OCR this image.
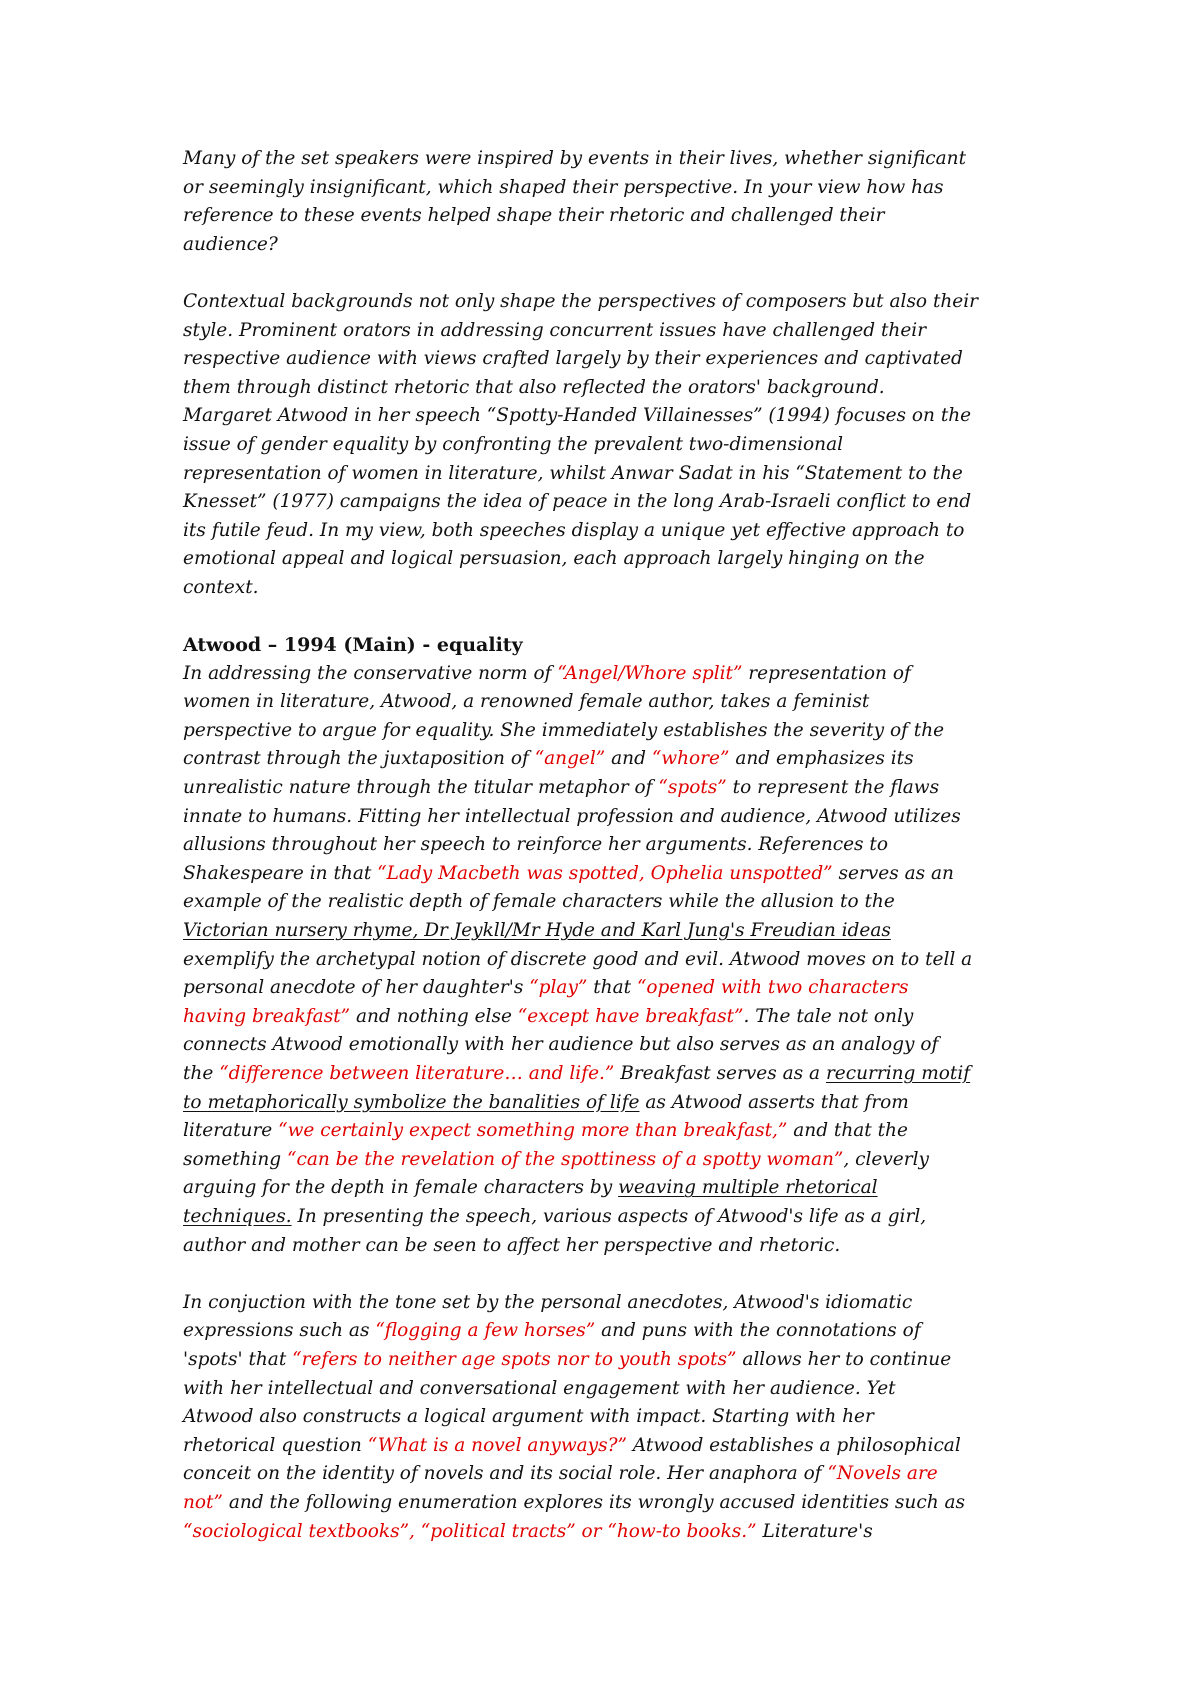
Many of the set speakers were inspired by events in their lives, whether significant
or seemingly insignificant, which shaped their perspective. In your view how has
reference to these events helped shape their rhetoric and challenged their
audience?
Contextual backgrounds not only shape the perspectives of composers but also their
style. Prominent orators in addressing concurrent issues have challenged their
respective audience with views crafted largely by their experiences and captivated
them through distinct rhetoric that also reflected the orators' background.
Margaret Atwood in her speech “Spotty-Handed Villainesses” (1994) focuses on the
issue of gender equality by confronting the prevalent two-dimensional
representation of women in literature, whilst Anwar Sadat in his “Statement to the
Knesset” (1977) campaigns the idea of peace in the long Arab-Israeli conflict to end
its futile feud. In my view, both speeches display a unique yet effective approach to
emotional appeal and logical persuasion, each approach largely hinging on the
context.
Atwood – 1994 (Main) - equality
In addressing the conservative norm of “Angel/Whore split” representation of
women in literature, Atwood, a renowned female author, takes a feminist
perspective to argue for equality. She immediately establishes the severity of the
contrast through the juxtaposition of “angel” and “whore” and emphasizes its
unrealistic nature through the titular metaphor of “spots” to represent the flaws
innate to humans. Fitting her intellectual profession and audience, Atwood utilizes
allusions throughout her speech to reinforce her arguments. References to
Shakespeare in that “Lady Macbeth was spotted, Ophelia unspotted” serves as an
example of the realistic depth of female characters while the allusion to the
Victorian nursery rhyme, Dr Jeykll/Mr Hyde and Karl Jung's Freudian ideas
exemplify the archetypal notion of discrete good and evil. Atwood moves on to tell a
personal anecdote of her daughter's “play” that “opened with two characters
having breakfast” and nothing else “except have breakfast”. The tale not only
connects Atwood emotionally with her audience but also serves as an analogy of
the “difference between literature… and life.” Breakfast serves as a recurring motif
to metaphorically symbolize the banalities of life as Atwood asserts that from
literature “we certainly expect something more than breakfast,” and that the
something “can be the revelation of the spottiness of a spotty woman”, cleverly
arguing for the depth in female characters by weaving multiple rhetorical
techniques. In presenting the speech, various aspects of Atwood's life as a girl,
author and mother can be seen to affect her perspective and rhetoric.
In conjuction with the tone set by the personal anecdotes, Atwood's idiomatic
expressions such as “flogging a few horses” and puns with the connotations of
'spots' that “refers to neither age spots nor to youth spots” allows her to continue
with her intellectual and conversational engagement with her audience. Yet
Atwood also constructs a logical argument with impact. Starting with her
rhetorical question “What is a novel anyways?” Atwood establishes a philosophical
conceit on the identity of novels and its social role. Her anaphora of “Novels are
not” and the following enumeration explores its wrongly accused identities such as
“sociological textbooks”, “political tracts” or “how-to books.” Literature's
